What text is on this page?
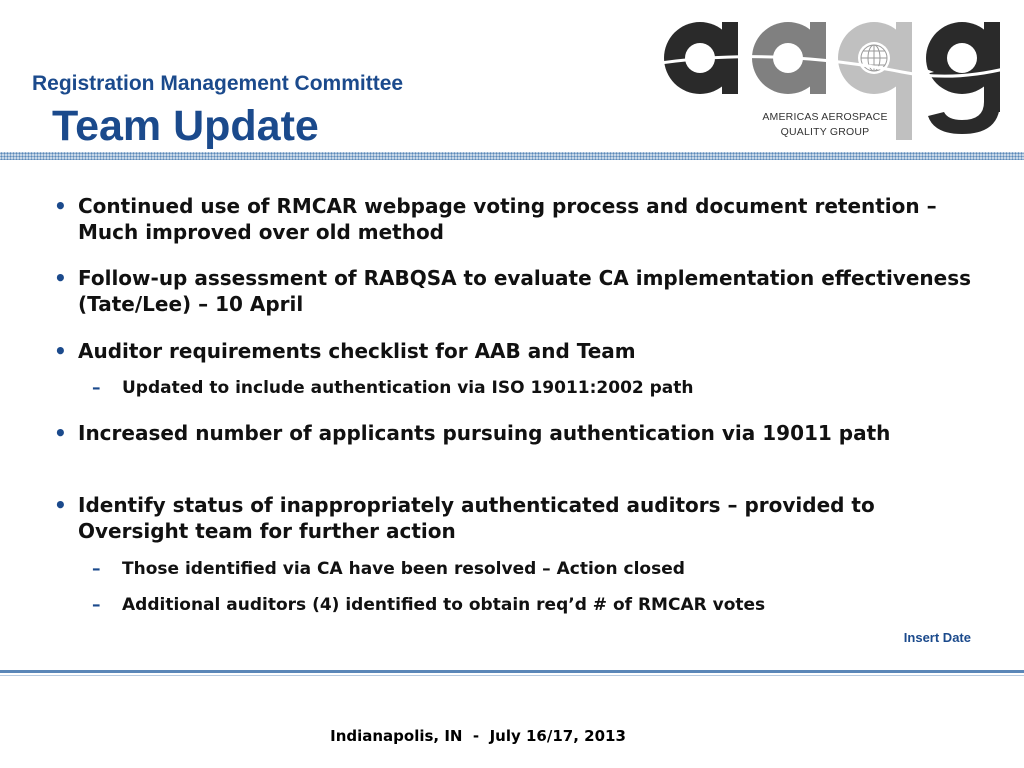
Registration Management Committee
Team Update	AMERICAS AEROSPACE
QUALITY GROUP
• Continued use of RMCAR webpage voting process and document retention – Much improved over old method
• Follow-up assessment of RABQSA to evaluate CA implementation effectiveness (Tate/Lee) – 10 April
• Auditor requirements checklist for AAB and Team
– Updated to include authentication via ISO 19011:2002 path
• Increased number of applicants pursuing authentication via 19011 path
• Identify status of inappropriately authenticated auditors – provided to Oversight team for further action
– Those identified via CA have been resolved – Action closed
– Additional auditors (4) identified to obtain req’d # of RMCAR votes
Insert Date
Indianapolis, IN  -  July 16/17, 2013
